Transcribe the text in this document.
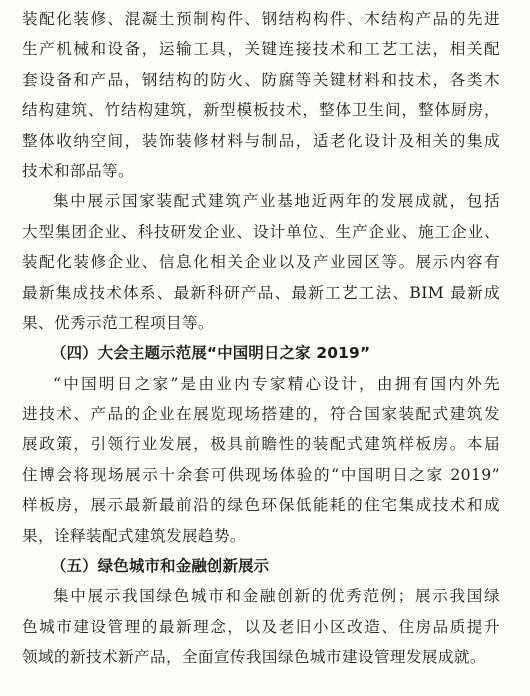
装配化装修、混凝土预制构件、钢结构构件、木结构产品的先进
生产机械和设备，运输工具，关键连接技术和工艺工法，相关配
套设备和产品，钢结构的防火、防腐等关键材料和技术，各类木
结构建筑、竹结构建筑，新型模板技术，整体卫生间，整体厨房，
整体收纳空间，装饰装修材料与制品，适老化设计及相关的集成
技术和部品等。
集中展示国家装配式建筑产业基地近两年的发展成就，包括
大型集团企业、科技研发企业、设计单位、生产企业、施工企业、
装配化装修企业、信息化相关企业以及产业园区等。展示内容有
最新集成技术体系、最新科研产品、最新工艺工法、BIM 最新成
果、优秀示范工程项目等。
（四）大会主题示范展“中国明日之家 2019”
“中国明日之家”是由业内专家精心设计，由拥有国内外先
进技术、产品的企业在展览现场搭建的，符合国家装配式建筑发
展政策，引领行业发展，极具前瞻性的装配式建筑样板房。本届
住博会将现场展示十余套可供现场体验的“中国明日之家 2019”
样板房，展示最新最前沿的绿色环保低能耗的住宅集成技术和成
果，诠释装配式建筑发展趋势。
（五）绿色城市和金融创新展示
集中展示我国绿色城市和金融创新的优秀范例；展示我国绿
色城市建设管理的最新理念，以及老旧小区改造、住房品质提升
领域的新技术新产品，全面宣传我国绿色城市建设管理发展成就。
